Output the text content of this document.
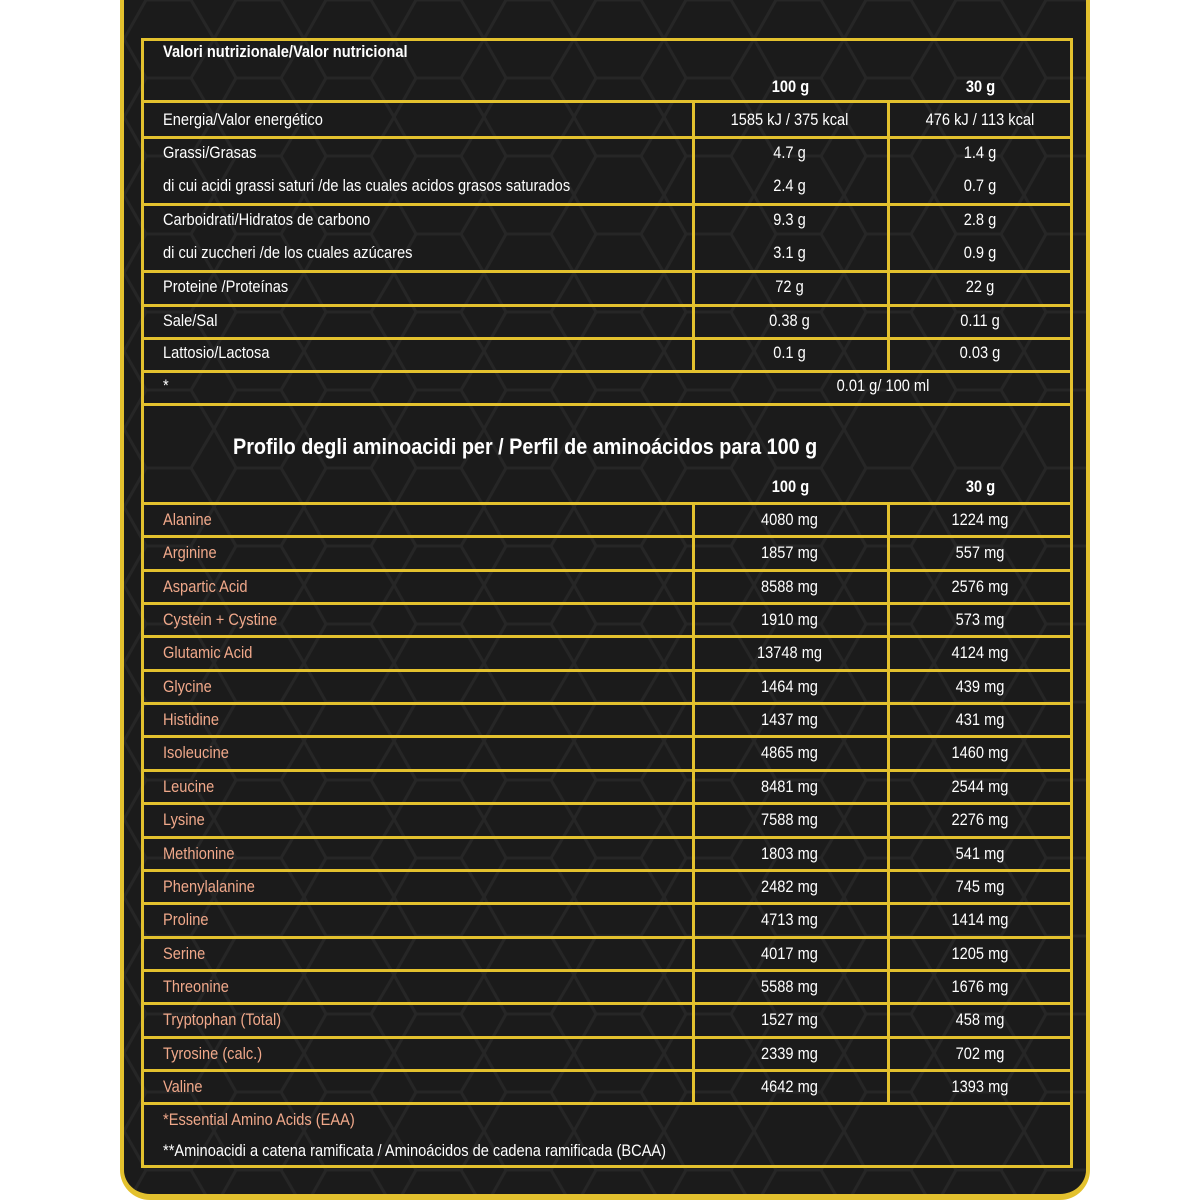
Valori nutrizionale/Valor nutricional
100 g	30 g
Energia/Valor energético	1585 kJ / 375 kcal	476 kJ / 113 kcal
Grassi/Grasas	4.7 g	1.4 g
di cui acidi grassi saturi /de las cuales acidos grasos saturados	2.4 g	0.7 g
Carboidrati/Hidratos de carbono	9.3 g	2.8 g
di cui zuccheri /de los cuales azúcares	3.1 g	0.9 g
Proteine /Proteínas	72 g	22 g
Sale/Sal	0.38 g	0.11 g
Lattosio/Lactosa	0.1 g	0.03 g
*	0.01 g/ 100 ml
Profilo degli aminoacidi per / Perfil de aminoácidos para 100 g
100 g	30 g
Alanine	4080 mg	1224 mg
Arginine	1857 mg	557 mg
Aspartic Acid	8588 mg	2576 mg
Cystein + Cystine	1910 mg	573 mg
Glutamic Acid	13748 mg	4124 mg
Glycine	1464 mg	439 mg
Histidine	1437 mg	431 mg
Isoleucine	4865 mg	1460 mg
Leucine	8481 mg	2544 mg
Lysine	7588 mg	2276 mg
Methionine	1803 mg	541 mg
Phenylalanine	2482 mg	745 mg
Proline	4713 mg	1414 mg
Serine	4017 mg	1205 mg
Threonine	5588 mg	1676 mg
Tryptophan (Total)	1527 mg	458 mg
Tyrosine (calc.)	2339 mg	702 mg
Valine	4642 mg	1393 mg
*Essential Amino Acids (EAA)
**Aminoacidi a catena ramificata / Aminoácidos de cadena ramificada (BCAA)
